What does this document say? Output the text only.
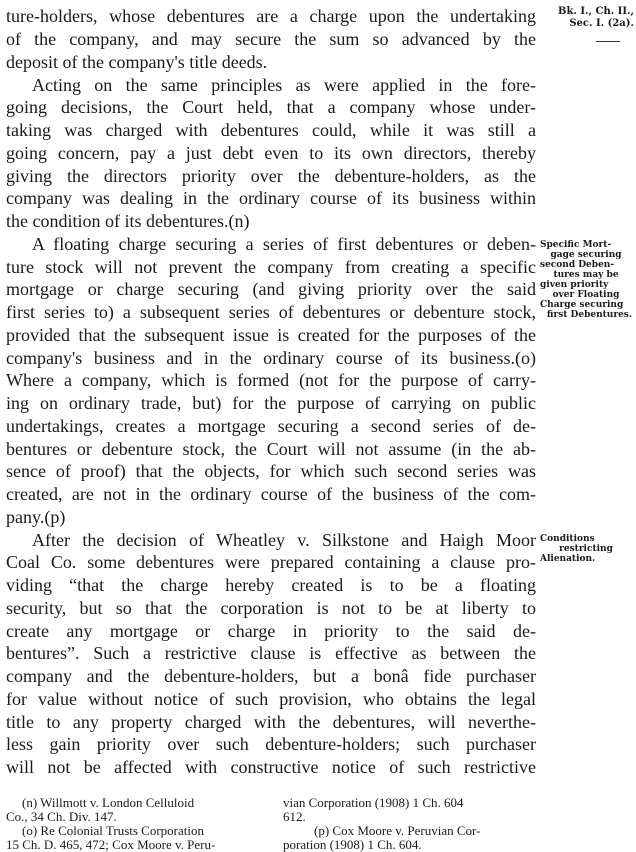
Bk. I., Ch. II.,
Sec. I. (2a).
ture-holders, whose debentures are a charge upon the undertaking
of the company, and may secure the sum so advanced by the
deposit of the company's title deeds.
Acting on the same principles as were applied in the fore-
going decisions, the Court held, that a company whose under-
taking was charged with debentures could, while it was still a
going concern, pay a just debt even to its own directors, thereby
giving the directors priority over the debenture-holders, as the
company was dealing in the ordinary course of its business within
the condition of its debentures.(n)
A floating charge securing a series of first debentures or deben-
ture stock will not prevent the company from creating a specific
mortgage or charge securing (and giving priority over the said
first series to) a subsequent series of debentures or debenture stock,
provided that the subsequent issue is created for the purposes of the
company's business and in the ordinary course of its business.(o)
Where a company, which is formed (not for the purpose of carry-
ing on ordinary trade, but) for the purpose of carrying on public
undertakings, creates a mortgage securing a second series of de-
bentures or debenture stock, the Court will not assume (in the ab-
sence of proof) that the objects, for which such second series was
created, are not in the ordinary course of the business of the com-
pany.(p)
After the decision of Wheatley v. Silkstone and Haigh Moor
Coal Co. some debentures were prepared containing a clause pro-
viding “that the charge hereby created is to be a floating
security, but so that the corporation is not to be at liberty to
create any mortgage or charge in priority to the said de-
bentures”. Such a restrictive clause is effective as between the
company and the debenture-holders, but a bonâ fide purchaser
for value without notice of such provision, who obtains the legal
title to any property charged with the debentures, will neverthe-
less gain priority over such debenture-holders; such purchaser
will not be affected with constructive notice of such restrictive
Specific Mort-
gage securing
second Deben-
tures may be
given priority
over Floating
Charge securing
first Debentures.
Conditions
restricting
Alienation.
(n) Willmott v. London Celluloid
Co., 34 Ch. Div. 147.
(o) Re Colonial Trusts Corporation
15 Ch. D. 465, 472; Cox Moore v. Peru-
vian Corporation (1908) 1 Ch. 604
612.
(p) Cox Moore v. Peruvian Cor-
poration (1908) 1 Ch. 604.
